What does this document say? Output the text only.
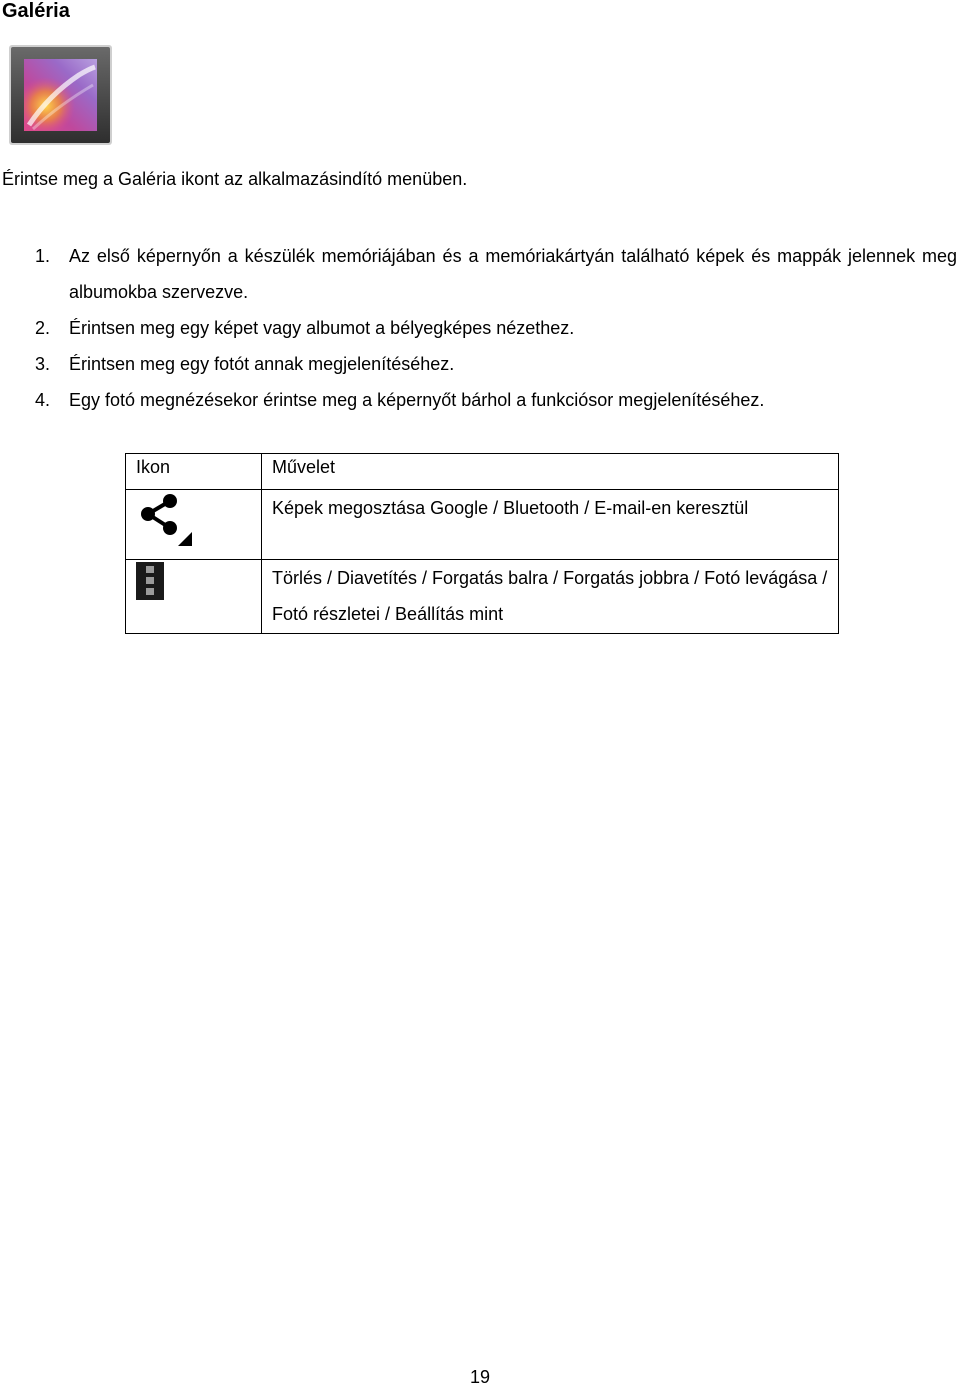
Galéria
Érintse meg a Galéria ikont az alkalmazásindító menüben.
1. Az első képernyőn a készülék memóriájában és a memóriakártyán található képek és mappák jelennek meg albumokba szervezve.
2. Érintsen meg egy képet vagy albumot a bélyegképes nézethez.
3. Érintsen meg egy fotót annak megjelenítéséhez.
4. Egy fotó megnézésekor érintse meg a képernyőt bárhol a funkciósor megjelenítéséhez.
Ikon	Művelet

	Képek megosztása Google / Bluetooth / E-mail-en keresztül

	Törlés / Diavetítés / Forgatás balra / Forgatás jobbra / Fotó levágása / Fotó részletei / Beállítás mint
19
